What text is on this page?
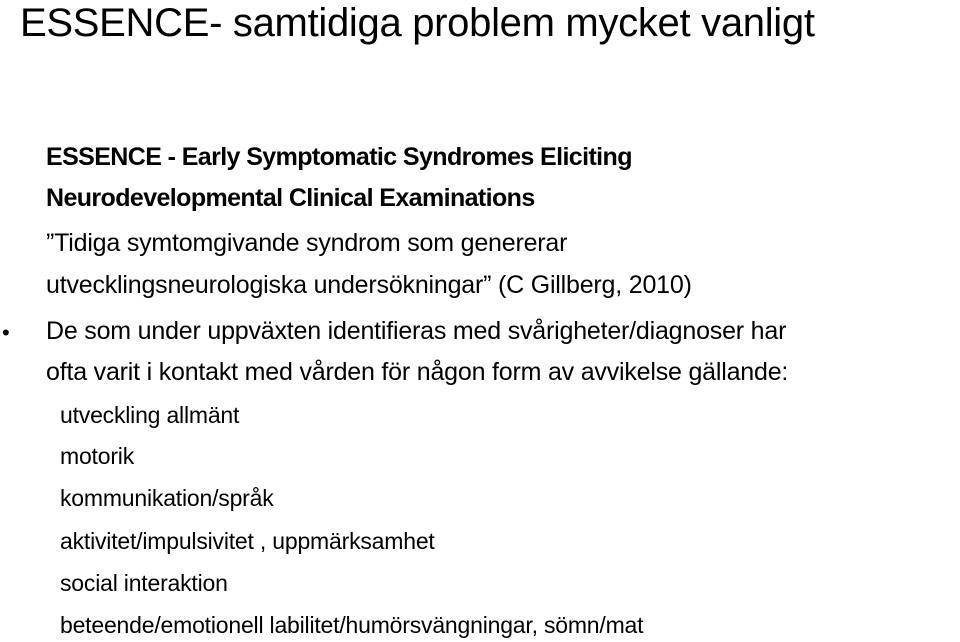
ESSENCE- samtidiga problem mycket vanligt
ESSENCE - Early Symptomatic Syndromes Eliciting
Neurodevelopmental Clinical Examinations
”Tidiga symtomgivande syndrom som genererar
utvecklingsneurologiska undersökningar” (C Gillberg, 2010)
• De som under uppväxten identifieras med svårigheter/diagnoser har
ofta varit i kontakt med vården för någon form av avvikelse gällande:
utveckling allmänt
motorik
kommunikation/språk
aktivitet/impulsivitet , uppmärksamhet
social interaktion
beteende/emotionell labilitet/humörsvängningar, sömn/mat
